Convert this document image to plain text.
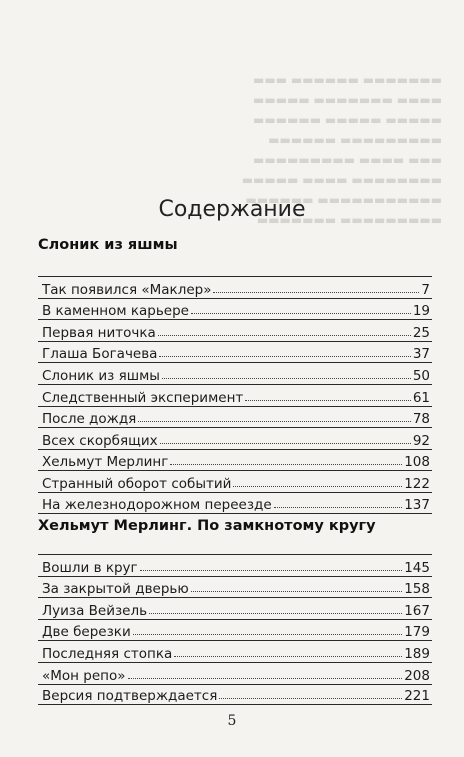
▬▬▬▬▬▬▬ ▬▬▬▬▬▬ ▬▬▬
▬▬▬▬ ▬▬▬▬▬▬▬ ▬▬▬▬▬
▬▬▬▬▬ ▬▬▬▬▬ ▬▬▬▬▬▬
▬▬▬▬▬▬▬▬▬ ▬▬▬▬▬▬
▬▬▬ ▬▬▬▬ ▬▬▬▬▬▬▬▬▬
▬▬▬▬▬▬▬▬ ▬▬▬▬ ▬▬▬▬▬
▬▬▬▬▬▬▬▬▬▬▬ ▬▬▬▬▬▬
▬▬▬▬▬▬▬▬▬ ▬▬▬▬▬▬▬
Содержание
Слоник из яшмы
Так появился «Маклер»	7
В каменном карьере	19
Первая ниточка	25
Глаша Богачева	37
Слоник из яшмы	50
Следственный эксперимент	61
После дождя	78
Всех скорбящих	92
Хельмут Мерлинг	108
Странный оборот событий	122
На железнодорожном переезде	137
Хельмут Мерлинг. По замкнотому кругу
Вошли в круг	145
За закрытой дверью	158
Луиза Вейзель	167
Две березки	179
Последняя стопка	189
«Мон репо»	208
Версия подтверждается	221
5
